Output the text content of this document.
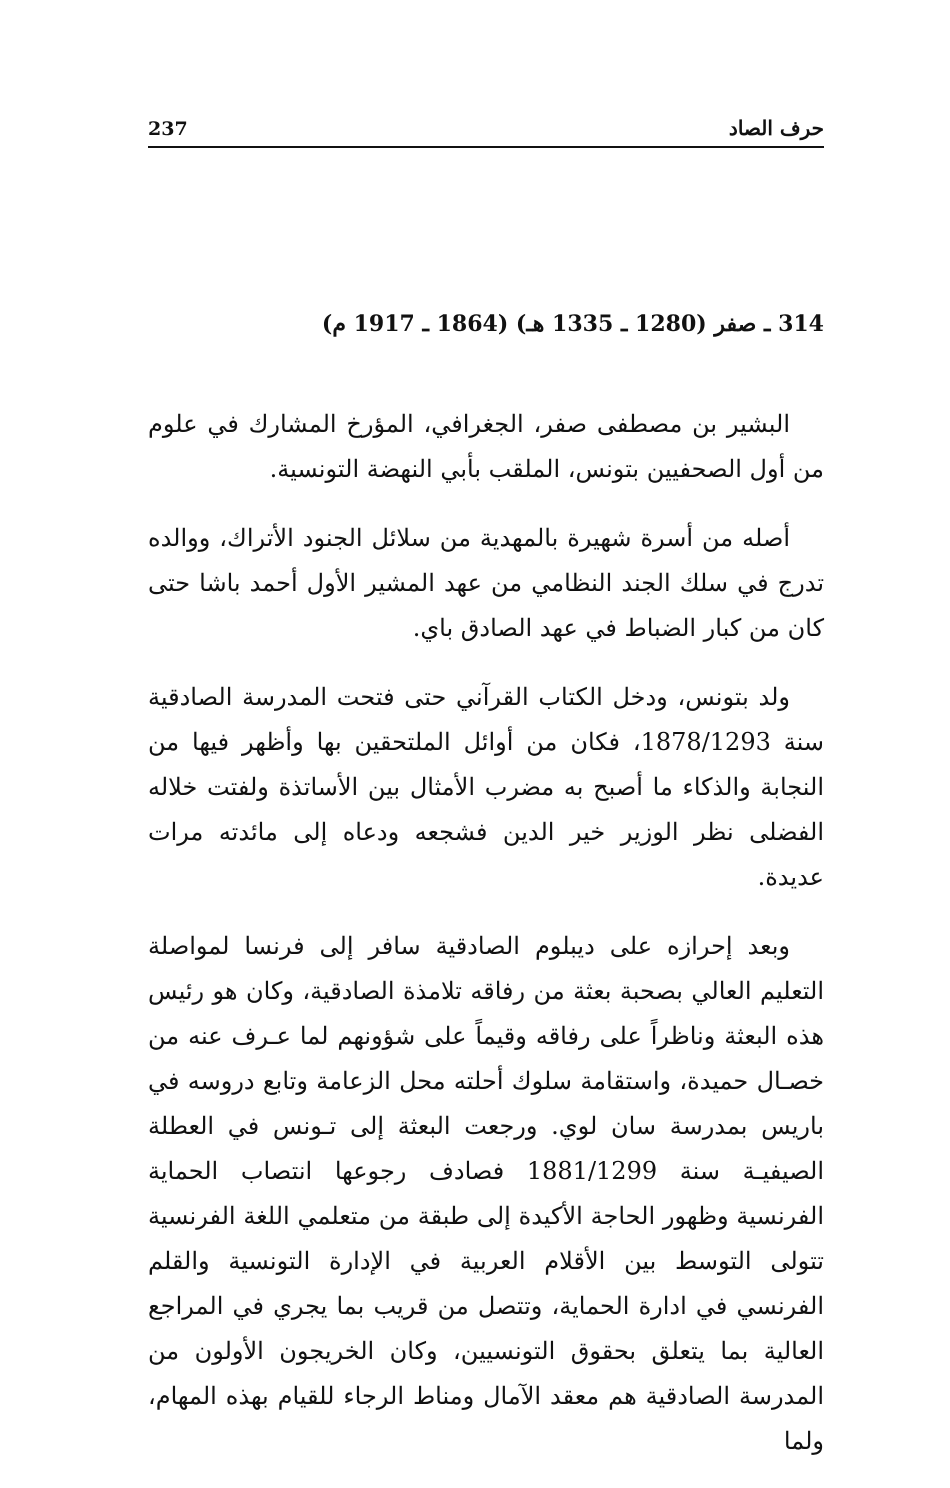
237	حرف الصاد
314 ـ صفر (1280 ـ 1335 هـ) (1864 ـ 1917 م)

البشير بن مصطفى صفر، الجغرافي، المؤرخ المشارك في علوم من أول الصحفيين بتونس، الملقب بأبي النهضة التونسية.

أصله من أسرة شهيرة بالمهدية من سلائل الجنود الأتراك، ووالده تدرج في سلك الجند النظامي من عهد المشير الأول أحمد باشا حتى كان من كبار الضباط في عهد الصادق باي.

ولد بتونس، ودخل الكتاب القرآني حتى فتحت المدرسة الصادقية سنة 1878/1293، فكان من أوائل الملتحقين بها وأظهر فيها من النجابة والذكاء ما أصبح به مضرب الأمثال بين الأساتذة ولفتت خلاله الفضلى نظر الوزير خير الدين فشجعه ودعاه إلى مائدته مرات عديدة.

وبعد إحرازه على ديبلوم الصادقية سافر إلى فرنسا لمواصلة التعليم العالي بصحبة بعثة من رفاقه تلامذة الصادقية، وكان هو رئيس هذه البعثة وناظراً على رفاقه وقيماً على شؤونهم لما عـرف عنه من خصـال حميدة، واستقامة سلوك أحلته محل الزعامة وتابع دروسه في باريس بمدرسة سان لوي. ورجعت البعثة إلى تـونس في العطلة الصيفيـة سنة 1881/1299 فصادف رجوعها انتصاب الحماية الفرنسية وظهور الحاجة الأكيدة إلى طبقة من متعلمي اللغة الفرنسية تتولى التوسط بين الأقلام العربية في الإدارة التونسية والقلم الفرنسي في ادارة الحماية، وتتصل من قريب بما يجري في المراجع العالية بما يتعلق بحقوق التونسيين، وكان الخريجون الأولون من المدرسة الصادقية هم معقد الآمال ومناط الرجاء للقيام بهذه المهام، ولما
